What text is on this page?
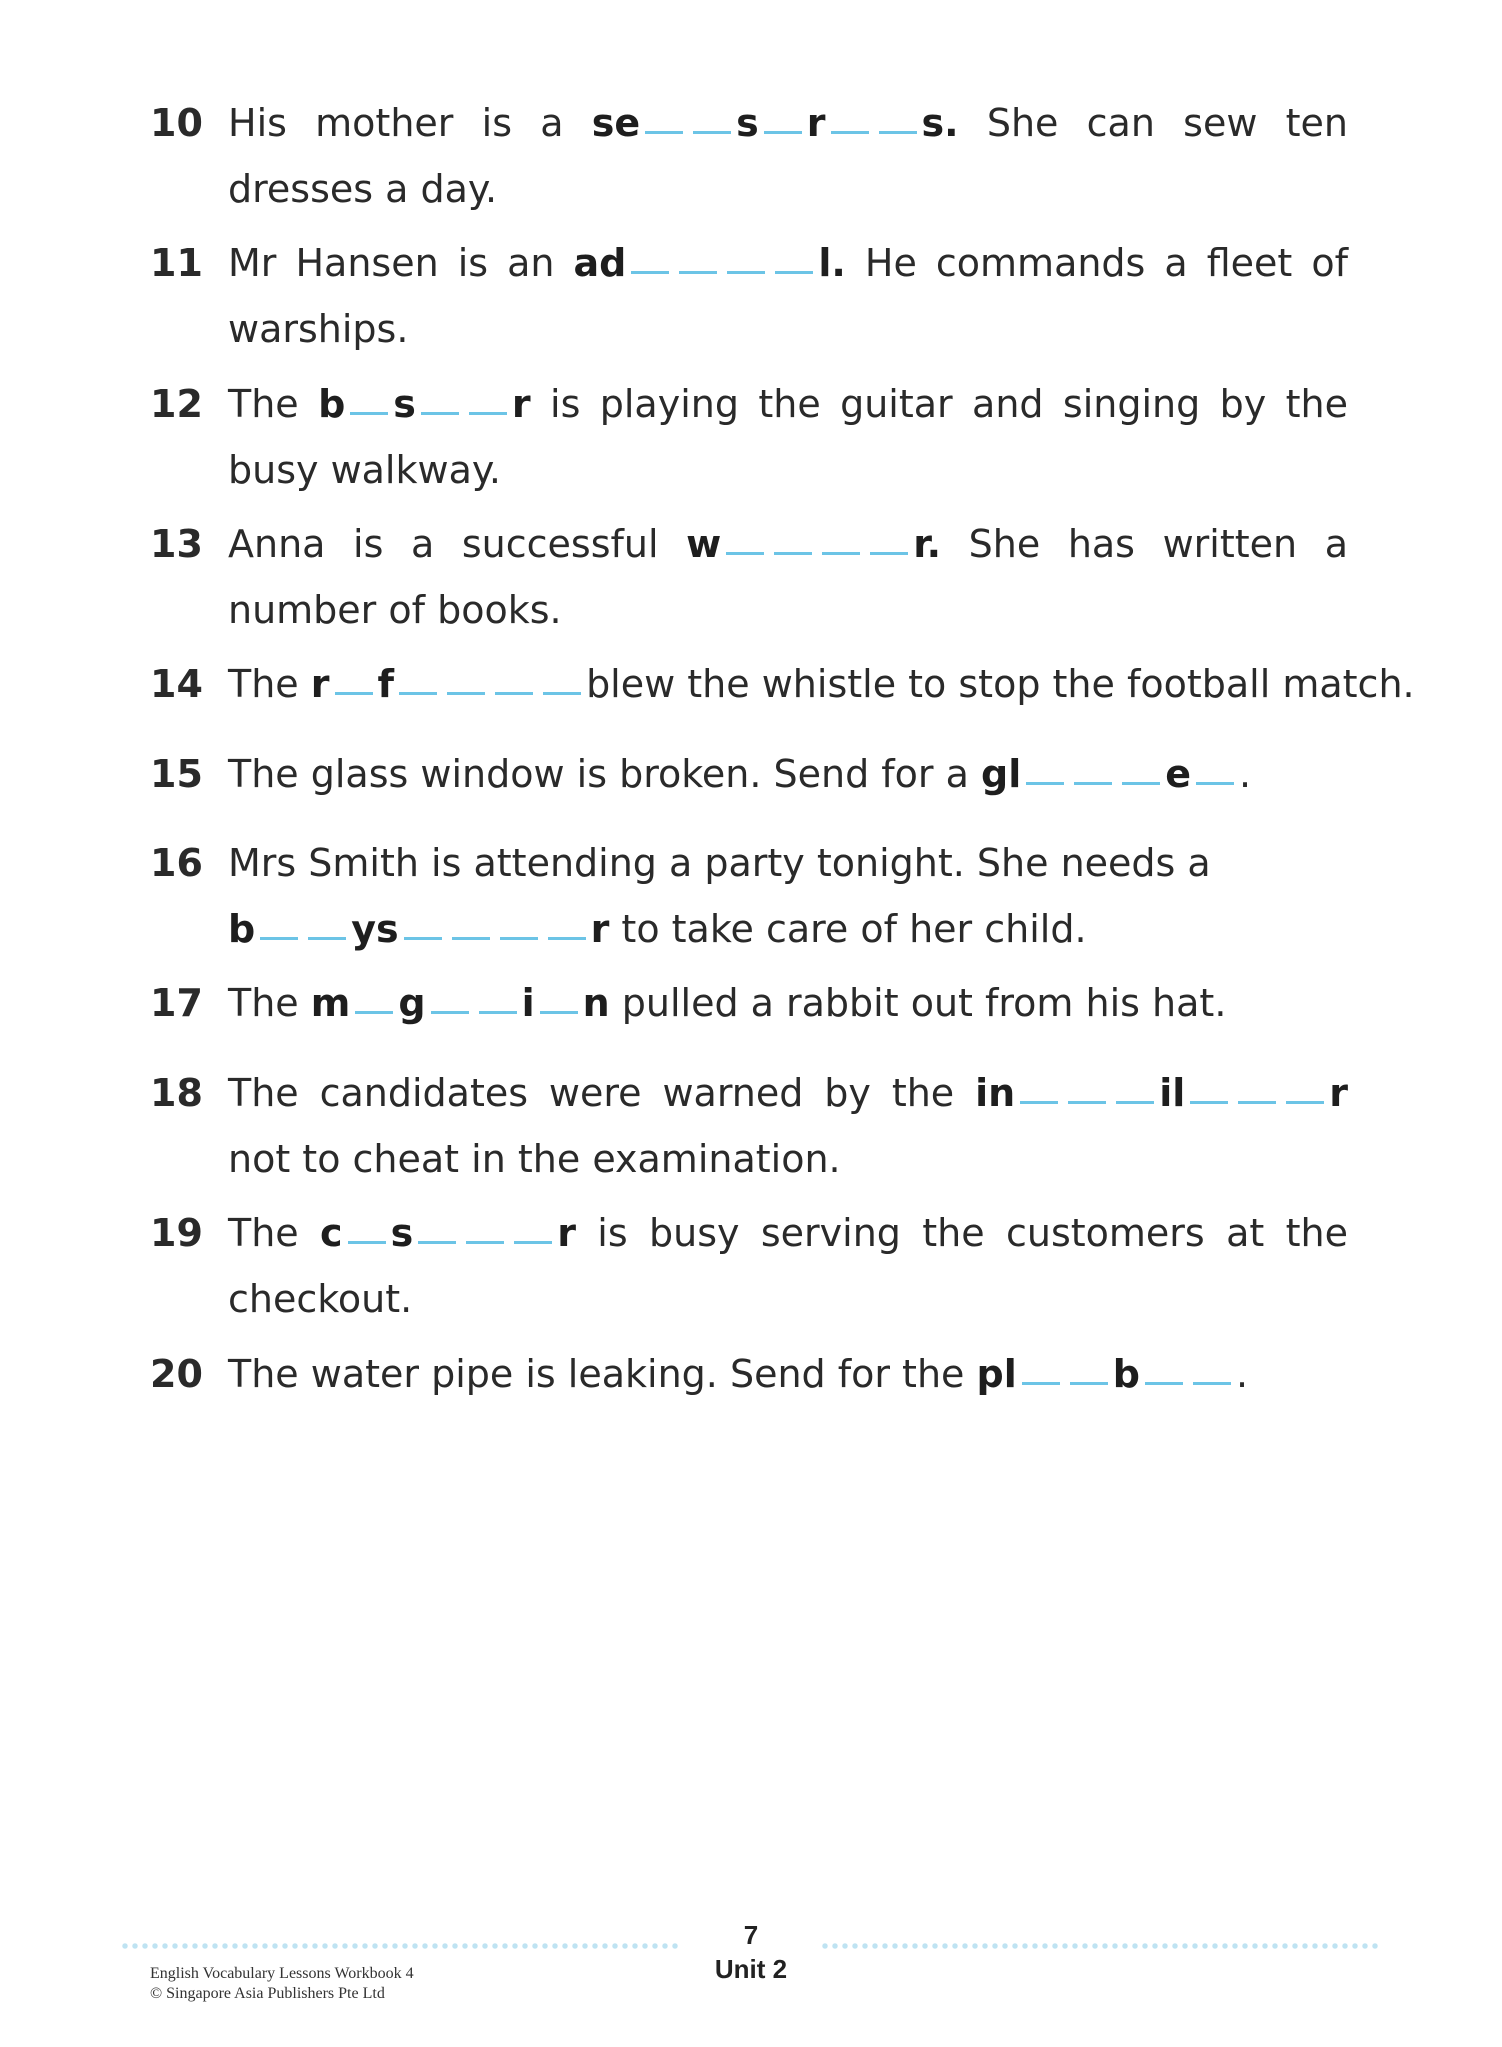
10 His mother is a se	s r	s. She can sew ten dresses a day.
11 Mr Hansen is an ad	l. He commands a fleet of warships.
12 The b s	r is playing the guitar and singing by the busy walkway.
13 Anna is a successful w	r. She has written a number of books.
14 The r f	blew the whistle to stop the football match.
15 The glass window is broken. Send for a gl	e .
16 Mrs Smith is attending a party tonight. She needs a b	ys	r to take care of her child.
17 The m g	i n pulled a rabbit out from his hat.
18 The candidates were warned by the in	il	r not to cheat in the examination.
19 The c s	r is busy serving the customers at the checkout.
20 The water pipe is leaking. Send for the pl	b	.
7
Unit 2
English Vocabulary Lessons Workbook 4
© Singapore Asia Publishers Pte Ltd
